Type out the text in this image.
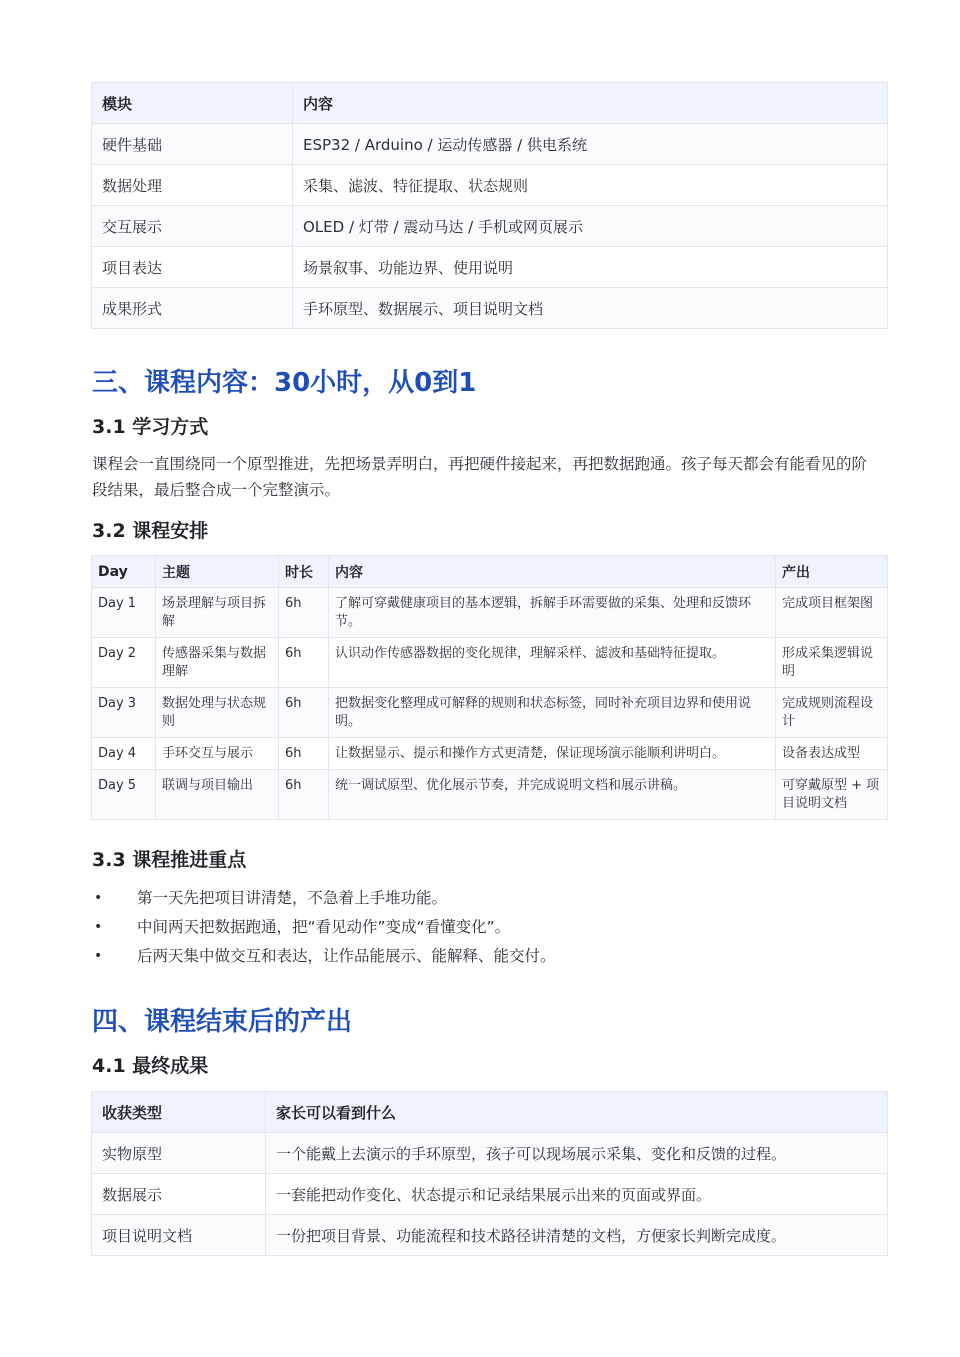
模块	内容
硬件基础	ESP32 / Arduino / 运动传感器 / 供电系统
数据处理	采集、滤波、特征提取、状态规则
交互展示	OLED / 灯带 / 震动马达 / 手机或网页展示
项目表达	场景叙事、功能边界、使用说明
成果形式	手环原型、数据展示、项目说明文档
三、课程内容：30小时，从0到1
3.1 学习方式

课程会一直围绕同一个原型推进，先把场景弄明白，再把硬件接起来，再把数据跑通。孩子每天都会有能看见的阶段结果，最后整合成一个完整演示。

3.2 课程安排
Day	主题	时长	内容	产出
Day 1	场景理解与项目拆解	6h	了解可穿戴健康项目的基本逻辑，拆解手环需要做的采集、处理和反馈环节。	完成项目框架图
Day 2	传感器采集与数据理解	6h	认识动作传感器数据的变化规律，理解采样、滤波和基础特征提取。	形成采集逻辑说明
Day 3	数据处理与状态规则	6h	把数据变化整理成可解释的规则和状态标签，同时补充项目边界和使用说明。	完成规则流程设计
Day 4	手环交互与展示	6h	让数据显示、提示和操作方式更清楚，保证现场演示能顺利讲明白。	设备表达成型
Day 5	联调与项目输出	6h	统一调试原型、优化展示节奏，并完成说明文档和展示讲稿。	可穿戴原型 + 项目说明文档
3.3 课程推进重点
• 第一天先把项目讲清楚，不急着上手堆功能。
• 中间两天把数据跑通，把“看见动作”变成“看懂变化”。
• 后两天集中做交互和表达，让作品能展示、能解释、能交付。
四、课程结束后的产出
4.1 最终成果
收获类型	家长可以看到什么
实物原型	一个能戴上去演示的手环原型，孩子可以现场展示采集、变化和反馈的过程。
数据展示	一套能把动作变化、状态提示和记录结果展示出来的页面或界面。
项目说明文档	一份把项目背景、功能流程和技术路径讲清楚的文档，方便家长判断完成度。
